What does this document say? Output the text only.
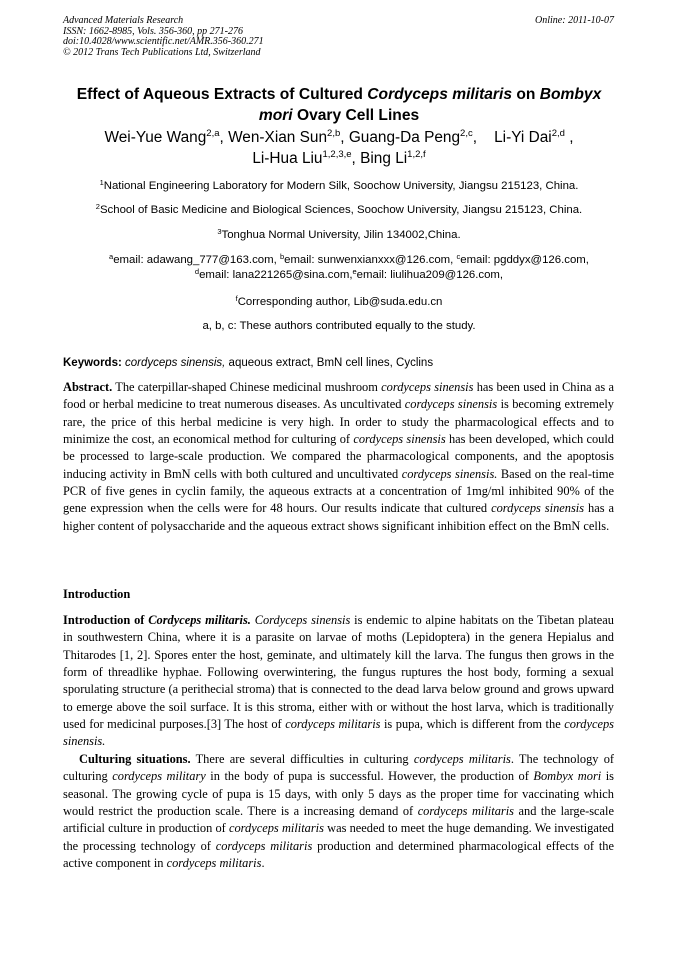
Advanced Materials Research
ISSN: 1662-8985, Vols. 356-360, pp 271-276
doi:10.4028/www.scientific.net/AMR.356-360.271
© 2012 Trans Tech Publications Ltd, Switzerland
Online: 2011-10-07
Effect of Aqueous Extracts of Cultured Cordyceps militaris on Bombyx
mori Ovary Cell Lines
Wei-Yue Wang$^{2,a}$, Wen-Xian Sun$^{2,b}$, Guang-Da Peng$^{2,c}$,    Li-Yi Dai$^{2,d}$ ,
Li-Hua Liu$^{1,2,3,e}$, Bing Li$^{1,2,f}$
$^1$National Engineering Laboratory for Modern Silk, Soochow University, Jiangsu 215123, China.
$^2$School of Basic Medicine and Biological Sciences, Soochow University, Jiangsu 215123, China.
$^3$Tonghua Normal University, Jilin 134002,China.
$^a$email: adawang_777@163.com, $^b$email: sunwenxianxxx@126.com, $^c$email: pgddyx@126.com,
$^d$email: lana221265@sina.com,$^e$email: liulihua209@126.com,
$^f$Corresponding author, Lib@suda.edu.cn
a, b, c: These authors contributed equally to the study.
Keywords: cordyceps sinensis, aqueous extract, BmN cell lines, Cyclins

Abstract. The caterpillar-shaped Chinese medicinal mushroom cordyceps sinensis has been used in China as a food or herbal medicine to treat numerous diseases. As uncultivated cordyceps sinensis is becoming extremely rare, the price of this herbal medicine is very high. In order to study the pharmacological effects and to minimize the cost, an economical method for culturing of cordyceps sinensis has been developed, which could be processed to large-scale production. We compared the pharmacological components, and the apoptosis inducing activity in BmN cells with both cultured and uncultivated cordyceps sinensis. Based on the real-time PCR of five genes in cyclin family, the aqueous extracts at a concentration of 1mg/ml inhibited 90% of the gene expression when the cells were for 48 hours. Our results indicate that cultured cordyceps sinensis has a higher content of polysaccharide and the aqueous extract shows significant inhibition effect on the BmN cells.

Introduction

Introduction of Cordyceps militaris. Cordyceps sinensis is endemic to alpine habitats on the Tibetan plateau in southwestern China, where it is a parasite on larvae of moths (Lepidoptera) in the genera Hepialus and Thitarodes [1, 2]. Spores enter the host, geminate, and ultimately kill the larva. The fungus then grows in the form of threadlike hyphae. Following overwintering, the fungus ruptures the host body, forming a sexual sporulating structure (a perithecial stroma) that is connected to the dead larva below ground and grows upward to emerge above the soil surface. It is this stroma, either with or without the host larva, which is traditionally used for medicinal purposes.[3] The host of cordyceps militaris is pupa, which is different from the cordyceps sinensis.

Culturing situations. There are several difficulties in culturing cordyceps militaris. The technology of culturing cordyceps military in the body of pupa is successful. However, the production of Bombyx mori is seasonal. The growing cycle of pupa is 15 days, with only 5 days as the proper time for vaccinating which would restrict the production scale. There is a increasing demand of cordyceps militaris and the large-scale artificial culture in production of cordyceps militaris was needed to meet the huge demanding. We investigated the processing technology of cordyceps militaris production and determined pharmacological effects of the active component in cordyceps militaris.
